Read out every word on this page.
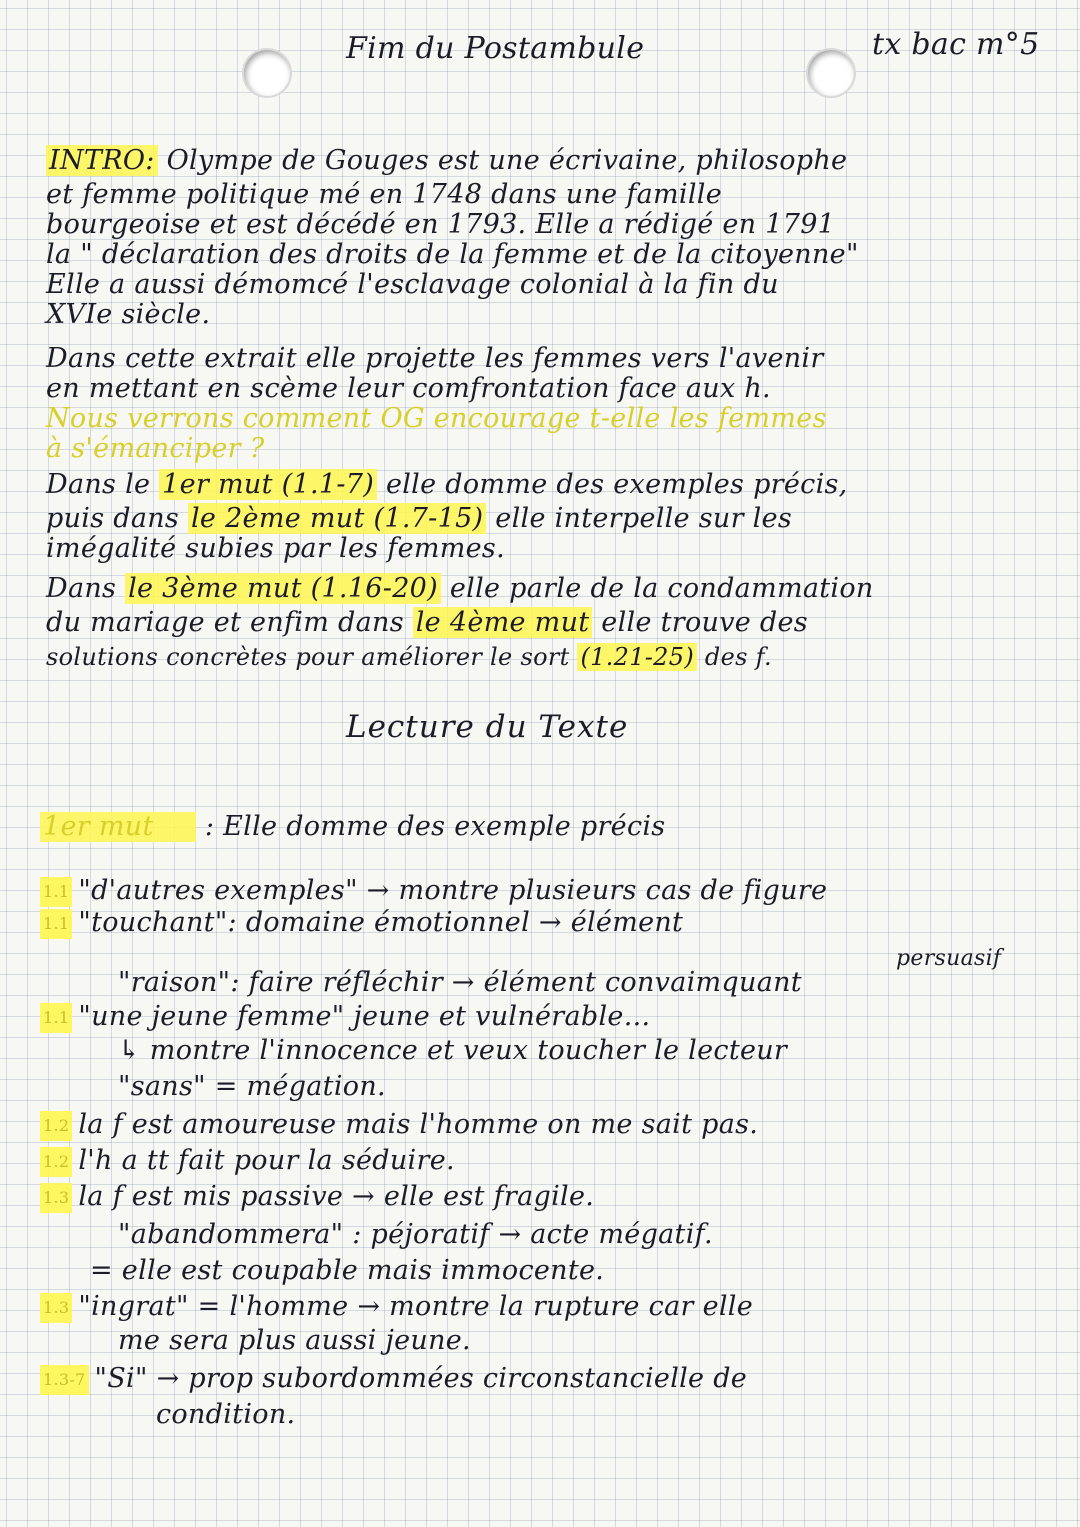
Fim du Postambule	tx bac m°5
INTRO: Olympe de Gouges est une écrivaine, philosophe
et femme politique mé en 1748 dans une famille
bourgeoise et est décédé en 1793. Elle a rédigé en 1791
la " déclaration des droits de la femme et de la citoyenne"
Elle a aussi démomcé l'esclavage colonial à la fin du
XVIe siècle.
Dans cette extrait elle projette les femmes vers l'avenir
en mettant en scème leur comfrontation face aux h.
Nous verrons comment OG encourage t-elle les femmes
à s'émanciper ?
Dans le 1er mut (1.1-7) elle domme des exemples précis,
puis dans le 2ème mut (1.7-15) elle interpelle sur les
imégalité subies par les femmes.
Dans le 3ème mut (1.16-20) elle parle de la condammation
du mariage et enfim dans le 4ème mut elle trouve des
solutions concrètes pour améliorer le sort (1.21-25) des f.
Lecture du Texte
1er mut : Elle domme des exemple précis
1.1 "d'autres exemples" → montre plusieurs cas de figure
1.1 "touchant": domaine émotionnel → élément
persuasif
"raison": faire réfléchir → élément convaimquant
1.1 "une jeune femme" jeune et vulnérable...
↳ montre l'innocence et veux toucher le lecteur
"sans" = mégation.
1.2 la f est amoureuse mais l'homme on me sait pas.
1.2 l'h a tt fait pour la séduire.
1.3 la f est mis passive → elle est fragile.
"abandommera" : péjoratif → acte mégatif.
= elle est coupable mais immocente.
1.3 "ingrat" = l'homme → montre la rupture car elle
me sera plus aussi jeune.
1.3-7 "Si" → prop subordommées circonstancielle de
condition.
